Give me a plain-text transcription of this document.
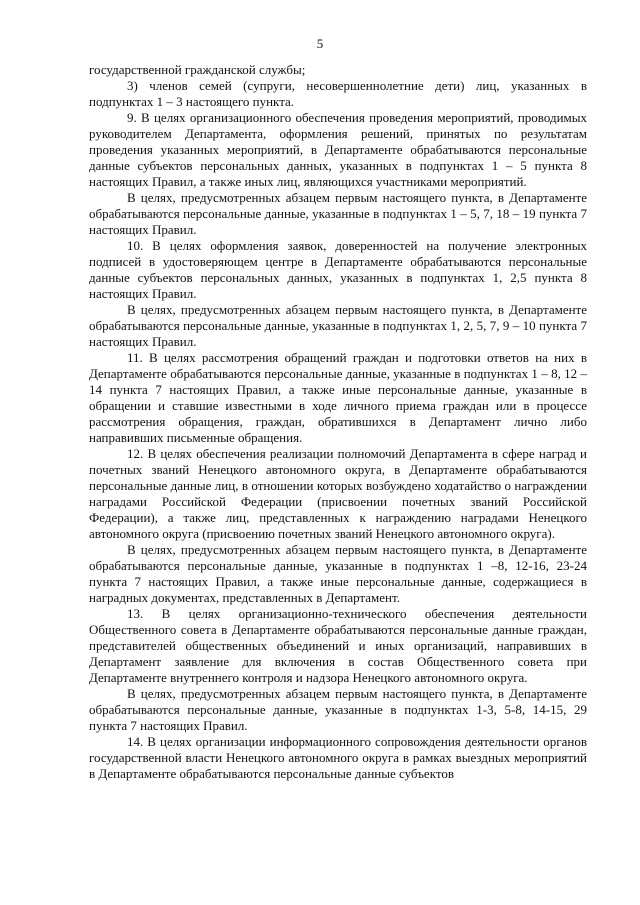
5

государственной гражданской службы;

3) членов семей (супруги, несовершеннолетние дети) лиц, указанных в подпунктах 1 – 3 настоящего пункта.

9. В целях организационного обеспечения проведения мероприятий, проводимых руководителем Департамента, оформления решений, принятых по результатам проведения указанных мероприятий, в Департаменте обрабатываются персональные данные субъектов персональных данных, указанных в подпунктах 1 – 5 пункта 8 настоящих Правил, а также иных лиц, являющихся участниками мероприятий.

В целях, предусмотренных абзацем первым настоящего пункта, в Департаменте обрабатываются персональные данные, указанные в подпунктах 1 – 5, 7, 18 – 19 пункта 7 настоящих Правил.

10. В целях оформления заявок, доверенностей на получение электронных подписей в удостоверяющем центре в Департаменте обрабатываются персональные данные субъектов персональных данных, указанных в подпунктах 1, 2,5 пункта 8 настоящих Правил.

В целях, предусмотренных абзацем первым настоящего пункта, в Департаменте обрабатываются персональные данные, указанные в подпунктах 1, 2, 5, 7, 9 – 10 пункта 7 настоящих Правил.

11. В целях рассмотрения обращений граждан и подготовки ответов на них в Департаменте обрабатываются персональные данные, указанные в подпунктах 1 – 8, 12 – 14 пункта 7 настоящих Правил, а также иные персональные данные, указанные в обращении и ставшие известными в ходе личного приема граждан или в процессе рассмотрения обращения, граждан, обратившихся в Департамент лично либо направивших письменные обращения.

12. В целях обеспечения реализации полномочий Департамента в сфере наград и почетных званий Ненецкого автономного округа, в Департаменте обрабатываются персональные данные лиц, в отношении которых возбуждено ходатайство о награждении наградами Российской Федерации (присвоении почетных званий Российской Федерации), а также лиц, представленных к награждению наградами Ненецкого автономного округа (присвоению почетных званий Ненецкого автономного округа).

В целях, предусмотренных абзацем первым настоящего пункта, в Департаменте обрабатываются персональные данные, указанные в подпунктах 1 –8, 12-16, 23-24 пункта 7 настоящих Правил, а также иные персональные данные, содержащиеся в наградных документах, представленных в Департамент.

13. В целях организационно-технического обеспечения деятельности Общественного совета в Департаменте обрабатываются персональные данные граждан, представителей общественных объединений и иных организаций, направивших в Департамент заявление для включения в состав Общественного совета при Департаменте внутреннего контроля и надзора Ненецкого автономного округа.

В целях, предусмотренных абзацем первым настоящего пункта, в Департаменте обрабатываются персональные данные, указанные в подпунктах 1-3, 5-8, 14-15, 29 пункта 7 настоящих Правил.

14. В целях организации информационного сопровождения деятельности органов государственной власти Ненецкого автономного округа в рамках выездных мероприятий в Департаменте обрабатываются персональные данные субъектов
